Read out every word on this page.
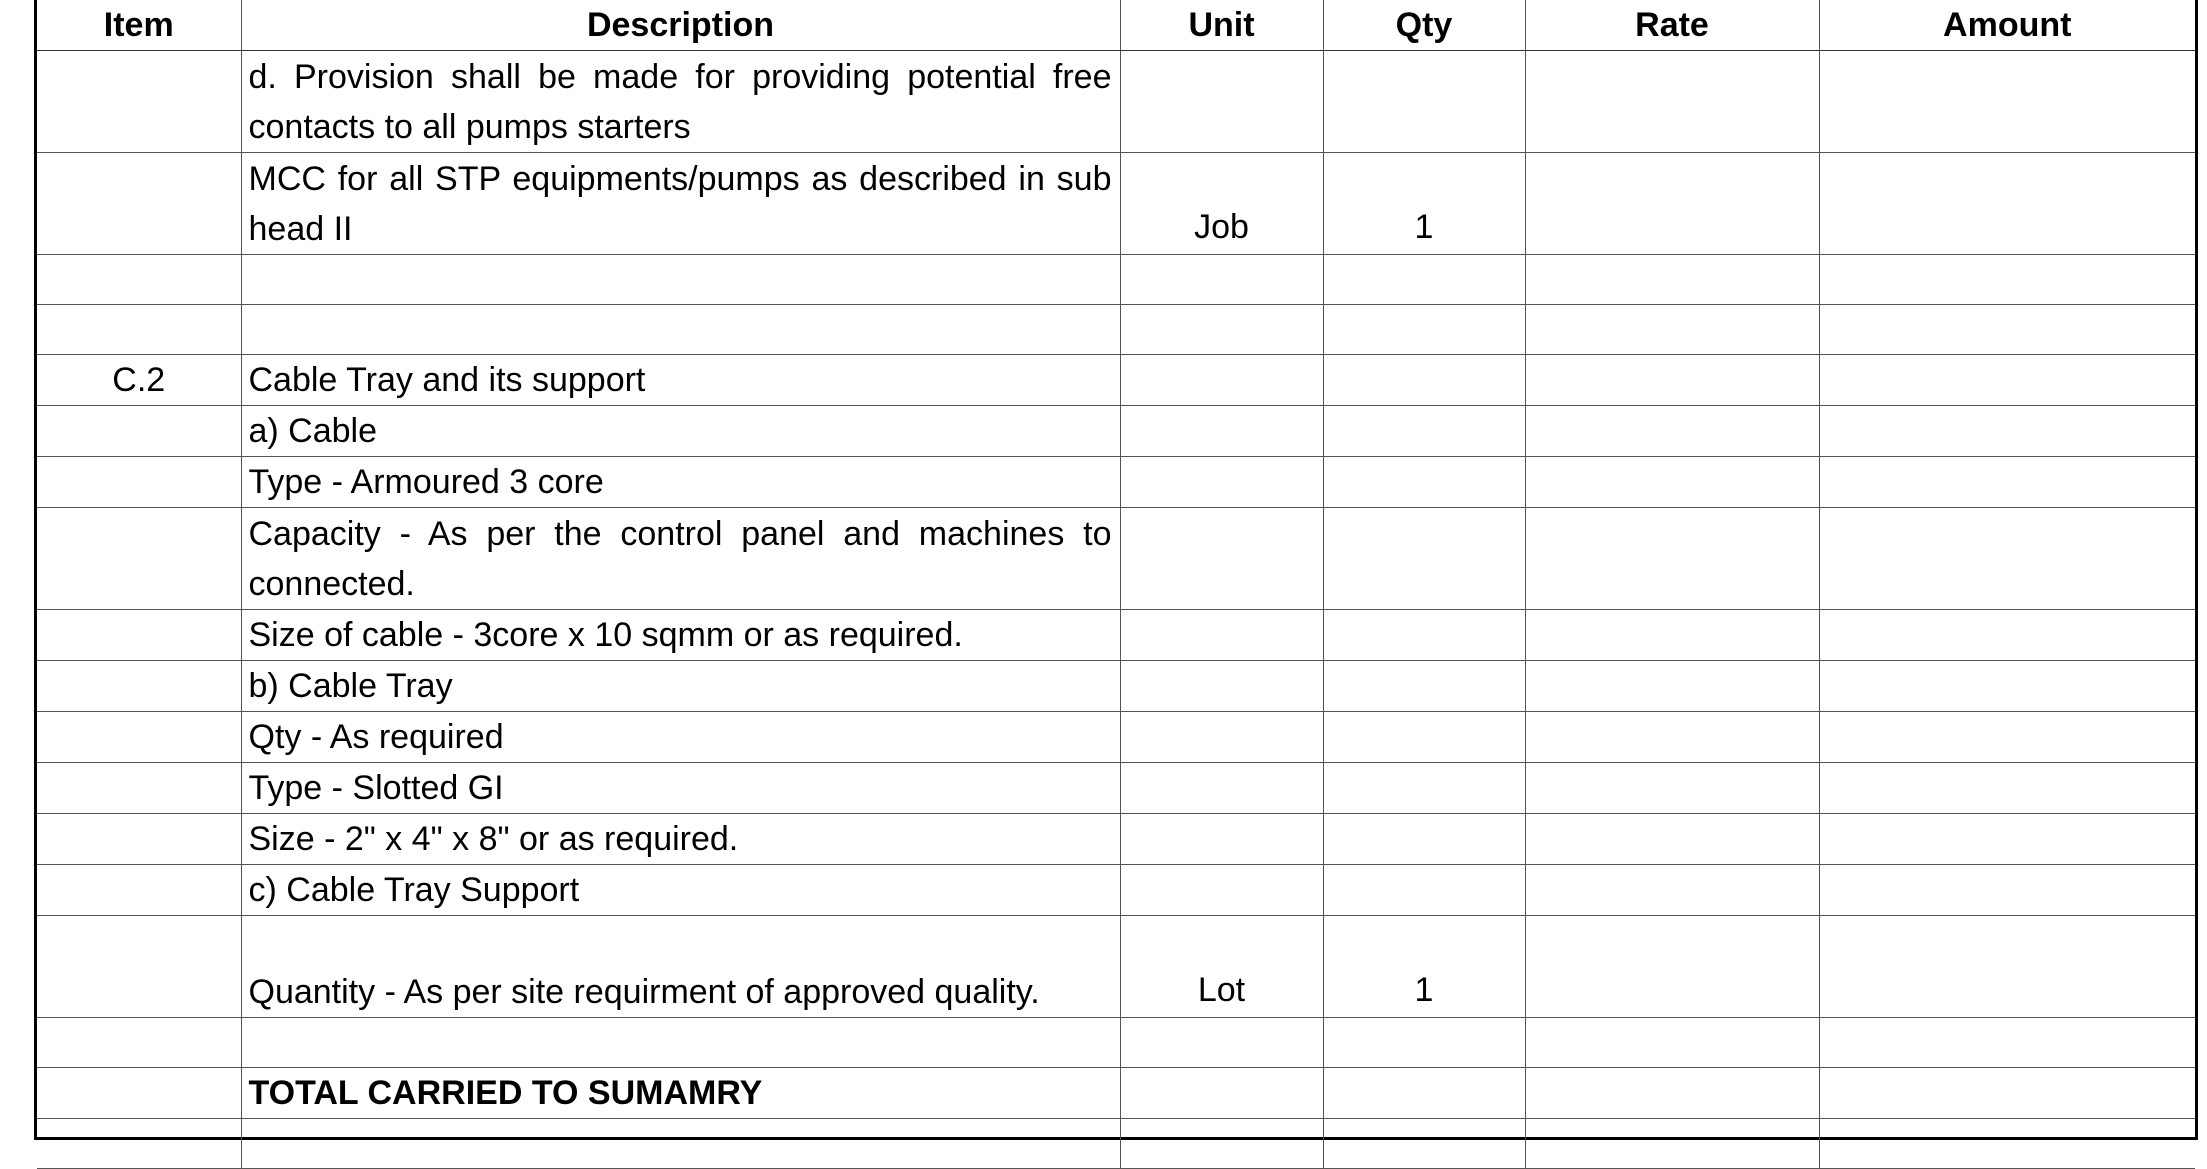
Item	Description	Unit	Qty	Rate	Amount
	d. Provision shall be made for providing potential free contacts to all pumps starters				
	MCC for all STP equipments/pumps as described in sub head II	Job	1		

C.2	Cable Tray and its support				
	a) Cable				
	Type - Armoured 3 core				
	Capacity - As per the control panel and machines to connected.				
	Size of cable - 3core x 10 sqmm or as required.				
	b) Cable Tray				
	Qty - As required				
	Type - Slotted GI				
	Size - 2" x 4" x 8" or as required.				
	c) Cable Tray Support				
	Quantity - As per site requirment of approved quality.	Lot	1		

	TOTAL CARRIED TO SUMAMRY				
